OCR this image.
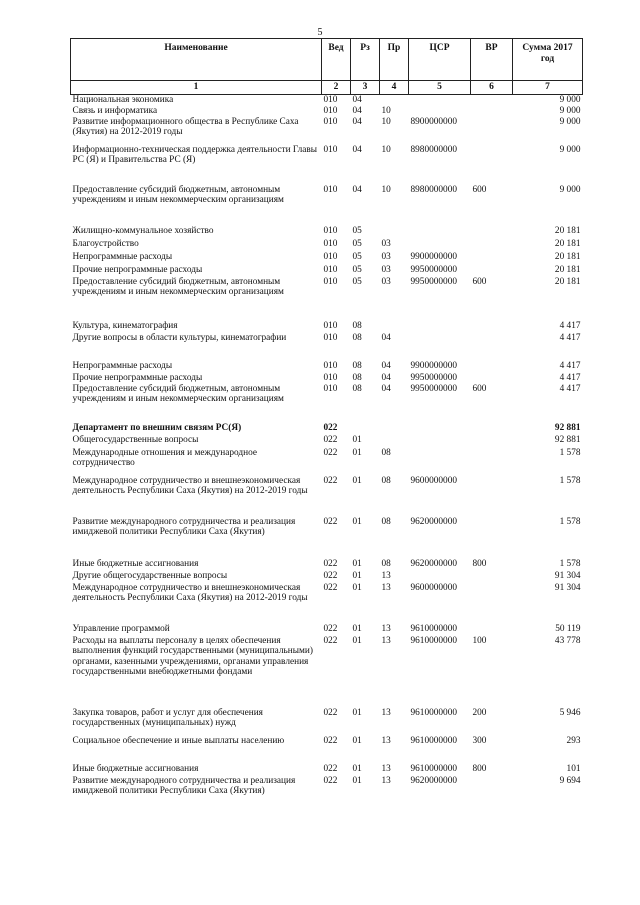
5
Наименование	Вед	Рз	Пр	ЦСР	ВР	Сумма 2017 год
1	2	3	4	5	6	7
Национальная экономика	010	04				9 000
Связь и информатика	010	04	10			9 000
Развитие информационного общества в Республике Саха (Якутия) на 2012-2019 годы	010	04	10	8900000000		9 000
Информационно-техническая поддержка деятельности Главы РС (Я) и Правительства РС (Я)	010	04	10	8980000000		9 000
Предоставление субсидий бюджетным, автономным учреждениям и иным некоммерческим организациям	010	04	10	8980000000	600	9 000
Жилищно-коммунальное хозяйство	010	05				20 181
Благоустройство	010	05	03			20 181
Непрограммные расходы	010	05	03	9900000000		20 181
Прочие непрограммные расходы	010	05	03	9950000000		20 181
Предоставление субсидий бюджетным, автономным учреждениям и иным некоммерческим организациям	010	05	03	9950000000	600	20 181
Культура, кинематография	010	08				4 417
Другие вопросы в области культуры, кинематографии	010	08	04			4 417
Непрограммные расходы	010	08	04	9900000000		4 417
Прочие непрограммные расходы	010	08	04	9950000000		4 417
Предоставление субсидий бюджетным, автономным учреждениям и иным некоммерческим организациям	010	08	04	9950000000	600	4 417
Департамент по внешним связям РС(Я)	022					92 881
Общегосударственные вопросы	022	01				92 881
Международные отношения и международное сотрудничество	022	01	08			1 578
Международное сотрудничество и внешнеэкономическая деятельность Республики Саха (Якутия) на 2012-2019 годы	022	01	08	9600000000		1 578
Развитие международного сотрудничества и реализация имиджевой политики Республики Саха (Якутия)	022	01	08	9620000000		1 578
Иные бюджетные ассигнования	022	01	08	9620000000	800	1 578
Другие общегосударственные вопросы	022	01	13			91 304
Международное сотрудничество и внешнеэкономическая деятельность Республики Саха (Якутия) на 2012-2019 годы	022	01	13	9600000000		91 304
Управление программой	022	01	13	9610000000		50 119
Расходы на выплаты персоналу в целях обеспечения выполнения функций государственными (муниципальными) органами, казенными учреждениями, органами управления государственными внебюджетными фондами	022	01	13	9610000000	100	43 778
Закупка товаров, работ и услуг для обеспечения государственных (муниципальных) нужд	022	01	13	9610000000	200	5 946
Социальное обеспечение и иные выплаты населению	022	01	13	9610000000	300	293
Иные бюджетные ассигнования	022	01	13	9610000000	800	101
Развитие международного сотрудничества и реализация имиджевой политики Республики Саха (Якутия)	022	01	13	9620000000		9 694
